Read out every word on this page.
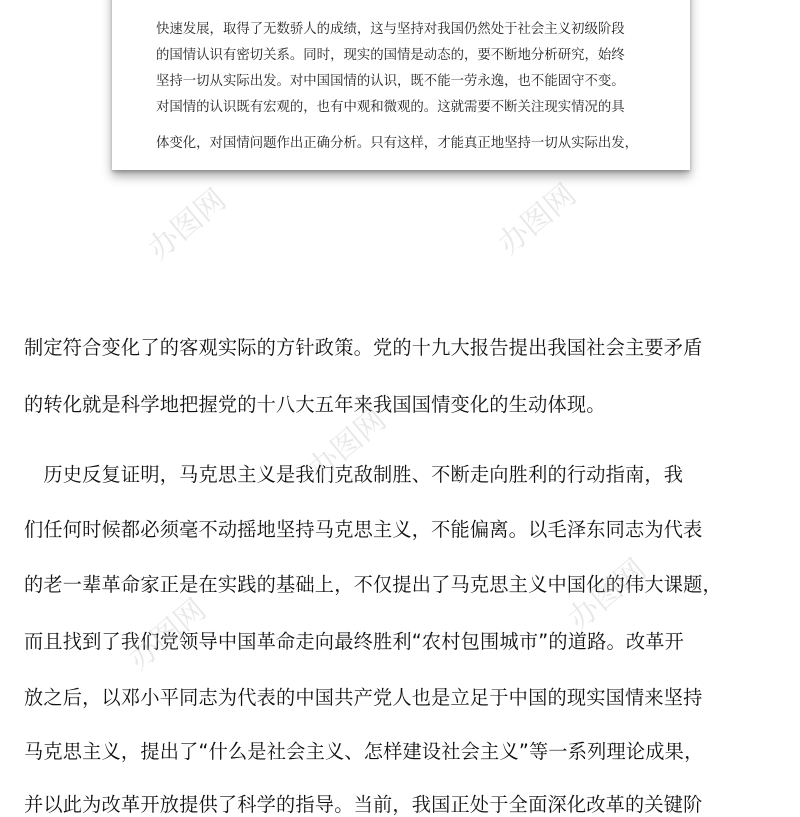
快速发展，取得了无数骄人的成绩，这与坚持对我国仍然处于社会主义初级阶段
的国情认识有密切关系。同时，现实的国情是动态的，要不断地分析研究，始终
坚持一切从实际出发。对中国国情的认识，既不能一劳永逸，也不能固守不变。
对国情的认识既有宏观的，也有中观和微观的。这就需要不断关注现实情况的具
体变化，对国情问题作出正确分析。只有这样，才能真正地坚持一切从实际出发，
制定符合变化了的客观实际的方针政策。党的十九大报告提出我国社会主要矛盾
的转化就是科学地把握党的十八大五年来我国国情变化的生动体现。
　历史反复证明，马克思主义是我们克敌制胜、不断走向胜利的行动指南，我
们任何时候都必须毫不动摇地坚持马克思主义，不能偏离。以毛泽东同志为代表
的老一辈革命家正是在实践的基础上，不仅提出了马克思主义中国化的伟大课题，
而且找到了我们党领导中国革命走向最终胜利“农村包围城市”的道路。改革开
放之后，以邓小平同志为代表的中国共产党人也是立足于中国的现实国情来坚持
马克思主义，提出了“什么是社会主义、怎样建设社会主义”等一系列理论成果，
并以此为改革开放提供了科学的指导。当前，我国正处于全面深化改革的关键阶
办图网	办图网
办图网
办图网	办图网
